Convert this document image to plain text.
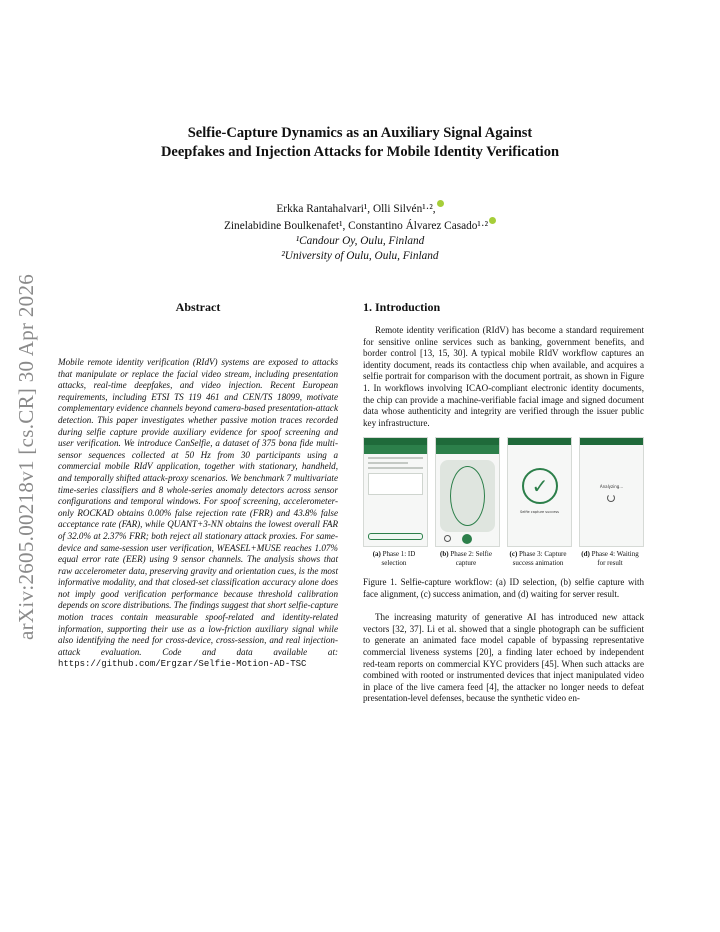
arXiv:2605.00218v1 [cs.CR] 30 Apr 2026
Selfie-Capture Dynamics as an Auxiliary Signal Against
Deepfakes and Injection Attacks for Mobile Identity Verification
Erkka Rantahalvari¹, Olli Silvén¹·²,
Zinelabidine Boulkenafet¹, Constantino Álvarez Casado¹·²
¹Candour Oy, Oulu, Finland
²University of Oulu, Oulu, Finland
Abstract

Mobile remote identity verification (RIdV) systems are exposed to attacks that manipulate or replace the facial video stream, including presentation attacks, real-time deepfakes, and video injection. Recent European requirements, including ETSI TS 119 461 and CEN/TS 18099, motivate complementary evidence channels beyond camera-based presentation-attack detection. This paper investigates whether passive motion traces recorded during selfie capture provide auxiliary evidence for spoof screening and user verification. We introduce CanSelfie, a dataset of 375 bona fide multi-sensor sequences collected at 50 Hz from 30 participants using a commercial mobile RIdV application, together with stationary, handheld, and temporally shifted attack-proxy scenarios. We benchmark 7 multivariate time-series classifiers and 8 whole-series anomaly detectors across sensor configurations and temporal windows. For spoof screening, accelerometer-only ROCKAD obtains 0.00% false rejection rate (FRR) and 43.8% false acceptance rate (FAR), while QUANT+3-NN obtains the lowest overall FAR of 32.0% at 2.37% FRR; both reject all stationary attack proxies. For same-device and same-session user verification, WEASEL+MUSE reaches 1.07% equal error rate (EER) using 9 sensor channels. The analysis shows that raw accelerometer data, preserving gravity and orientation cues, is the most informative modality, and that closed-set classification accuracy alone does not imply good verification performance because threshold calibration depends on score distributions. The findings suggest that short selfie-capture motion traces contain measurable spoof-related and identity-related information, supporting their use as a low-friction auxiliary signal while also identifying the need for cross-device, cross-session, and real injection-attack evaluation. Code and data available at: https://github.com/Ergzar/Selfie-Motion-AD-TSC

1. Introduction

Remote identity verification (RIdV) has become a standard requirement for sensitive online services such as banking, government benefits, and border control [13, 15, 30]. A typical mobile RIdV workflow captures an identity document, reads its contactless chip when available, and acquires a selfie portrait for comparison with the document portrait, as shown in Figure 1. In workflows involving ICAO-compliant electronic identity documents, the chip can provide a machine-verifiable facial image and signed document data whose authenticity and integrity are verified through the issuer public key infrastructure.

✓
Selfie capture success
Analyzing...
(a) Phase 1: ID selection
(b) Phase 2: Selfie capture
(c) Phase 3: Capture success animation
(d) Phase 4: Waiting for result

Figure 1. Selfie-capture workflow: (a) ID selection, (b) selfie capture with face alignment, (c) success animation, and (d) waiting for server result.

The increasing maturity of generative AI has introduced new attack vectors [32, 37]. Li et al. showed that a single photograph can be sufficient to generate an animated face model capable of bypassing representative commercial liveness systems [20], a finding later echoed by independent red-team reports on commercial KYC providers [45]. When such attacks are combined with rooted or instrumented devices that inject manipulated video in place of the live camera feed [4], the attacker no longer needs to defeat presentation-level defenses, because the synthetic video en-
